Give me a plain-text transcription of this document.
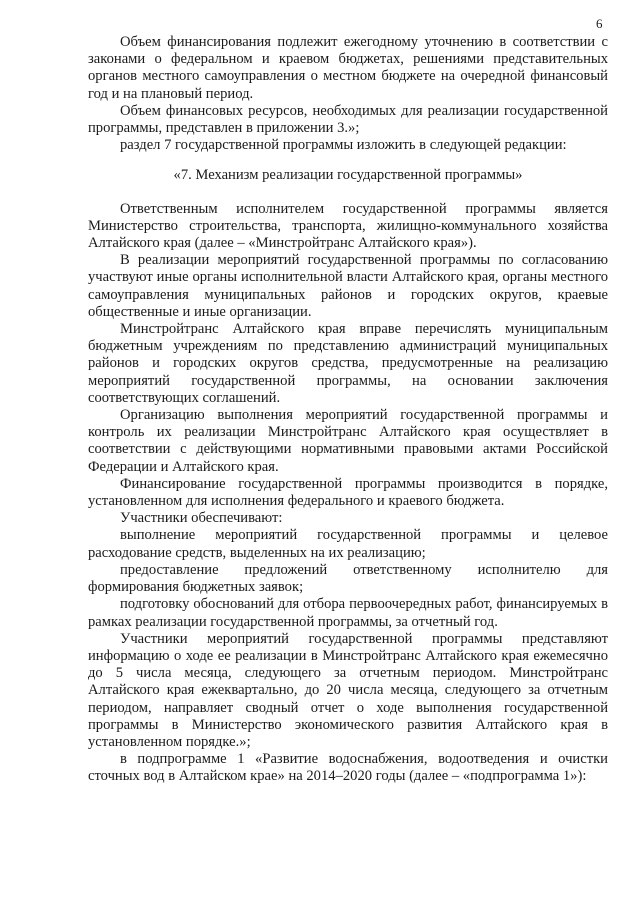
6

Объем финансирования подлежит ежегодному уточнению в соответствии с законами о федеральном и краевом бюджетах, решениями представительных органов местного самоуправления о местном бюджете на очередной финансовый год и на плановый период.

Объем финансовых ресурсов, необходимых для реализации государственной программы, представлен в приложении 3.»;

раздел 7 государственной программы изложить в следующей редакции:

«7. Механизм реализации государственной программы»

Ответственным исполнителем государственной программы является Министерство строительства, транспорта, жилищно-коммунального хозяйства Алтайского края (далее – «Минстройтранс Алтайского края»).

В реализации мероприятий государственной программы по согласованию участвуют иные органы исполнительной власти Алтайского края, органы местного самоуправления муниципальных районов и городских округов, краевые общественные и иные организации.

Минстройтранс Алтайского края вправе перечислять муниципальным бюджетным учреждениям по представлению администраций муниципальных районов и городских округов средства, предусмотренные на реализацию мероприятий государственной программы, на основании заключения соответствующих соглашений.

Организацию выполнения мероприятий государственной программы и контроль их реализации Минстройтранс Алтайского края осуществляет в соответствии с действующими нормативными правовыми актами Российской Федерации и Алтайского края.

Финансирование государственной программы производится в порядке, установленном для исполнения федерального и краевого бюджета.

Участники обеспечивают:

выполнение мероприятий государственной программы и целевое расходование средств, выделенных на их реализацию;

предоставление предложений ответственному исполнителю для формирования бюджетных заявок;

подготовку обоснований для отбора первоочередных работ, финансируемых в рамках реализации государственной программы, за отчетный год.

Участники мероприятий государственной программы представляют информацию о ходе ее реализации в Минстройтранс Алтайского края ежемесячно до 5 числа месяца, следующего за отчетным периодом. Минстройтранс Алтайского края ежеквартально, до 20 числа месяца, следующего за отчетным периодом, направляет сводный отчет о ходе выполнения государственной программы в Министерство экономического развития Алтайского края в установленном порядке.»;

в подпрограмме 1 «Развитие водоснабжения, водоотведения и очистки сточных вод в Алтайском крае» на 2014–2020 годы (далее – «подпрограмма 1»):
